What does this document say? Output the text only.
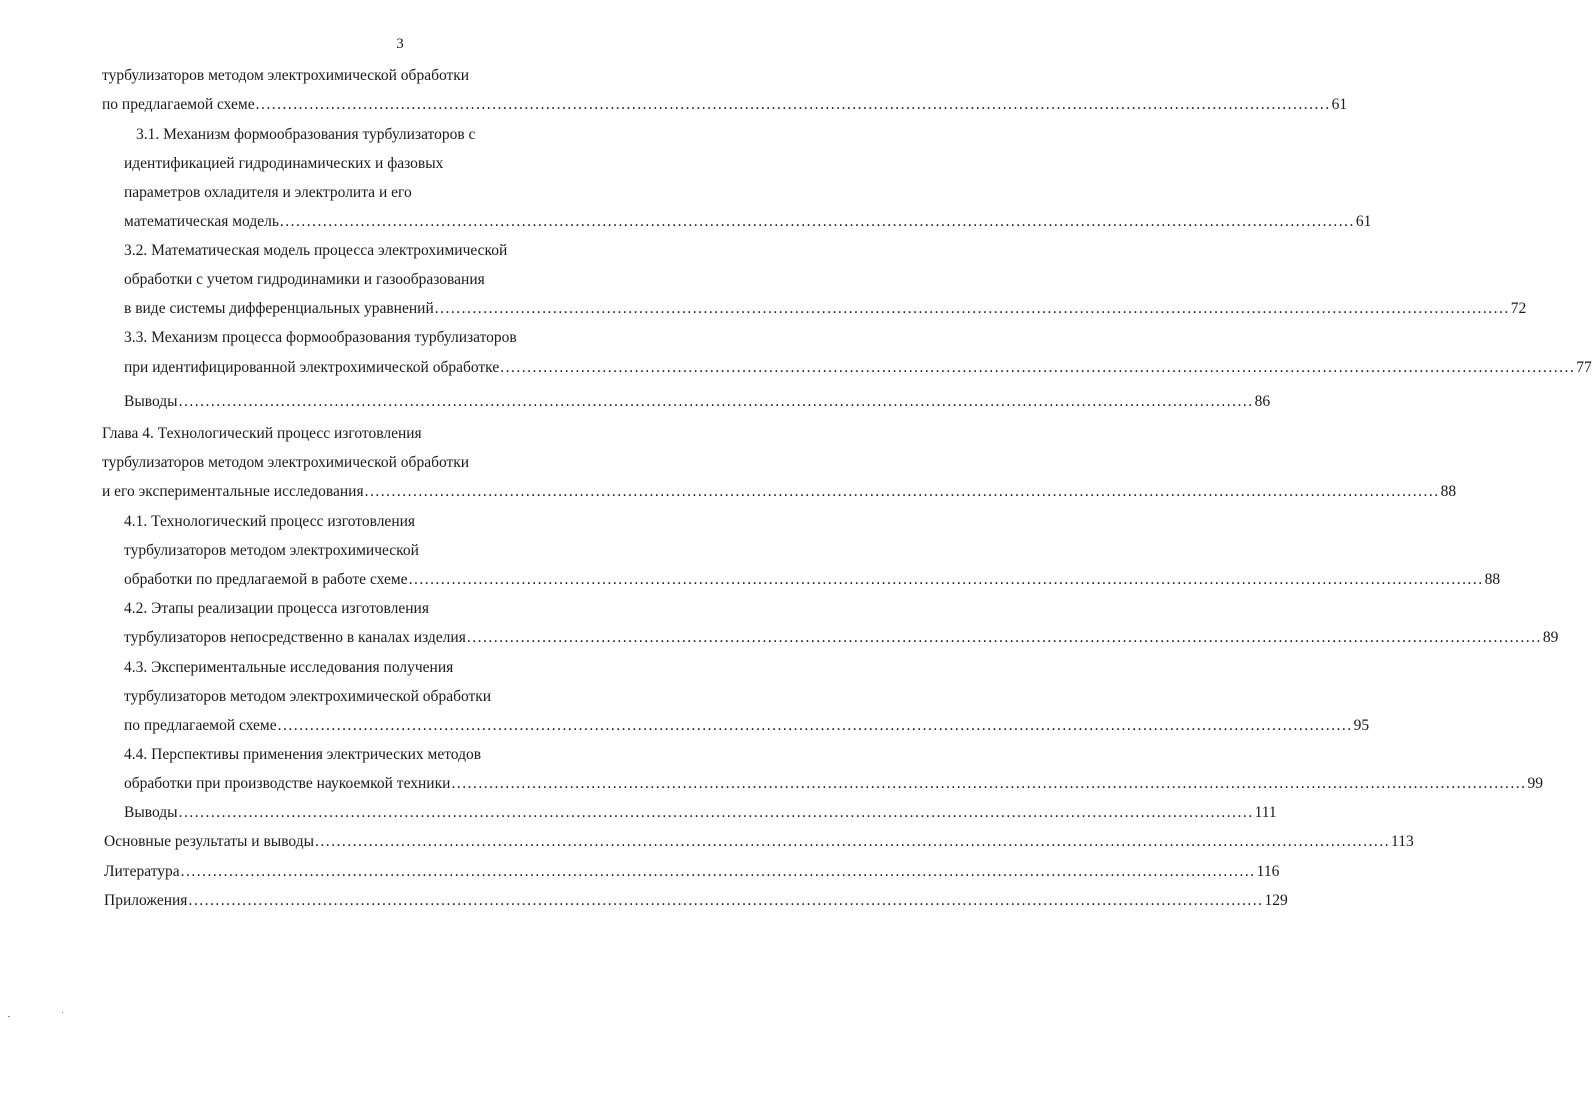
3
турбулизаторов методом электрохимической обработки
по предлагаемой схеме ........................................................................................................................................................................................................ 61
3.1. Механизм формообразования турбулизаторов с
идентификацией гидродинамических и фазовых
параметров охладителя и электролита и его
математическая модель ........................................................................................................................................................................................................ 61
3.2. Математическая модель процесса электрохимической
обработки с учетом гидродинамики и газообразования
в виде системы дифференциальных уравнений ........................................................................................................................................................................................................ 72
3.3. Механизм процесса формообразования турбулизаторов
при идентифицированной электрохимической обработке ........................................................................................................................................................................................................ 77
Выводы ........................................................................................................................................................................................................ 86
Глава 4. Технологический процесс изготовления
турбулизаторов методом электрохимической обработки
и его экспериментальные исследования ........................................................................................................................................................................................................ 88
4.1. Технологический процесс изготовления
турбулизаторов методом электрохимической
обработки по предлагаемой в работе схеме ........................................................................................................................................................................................................ 88
4.2. Этапы реализации процесса изготовления
турбулизаторов непосредственно в каналах изделия ........................................................................................................................................................................................................ 89
4.3. Экспериментальные исследования получения
турбулизаторов методом электрохимической обработки
по предлагаемой схеме ........................................................................................................................................................................................................ 95
4.4. Перспективы применения электрических методов
обработки при производстве наукоемкой техники ........................................................................................................................................................................................................ 99
Выводы ........................................................................................................................................................................................................ 111
Основные результаты и выводы ........................................................................................................................................................................................................ 113
Литература ........................................................................................................................................................................................................ 116
Приложения ........................................................................................................................................................................................................ 129
